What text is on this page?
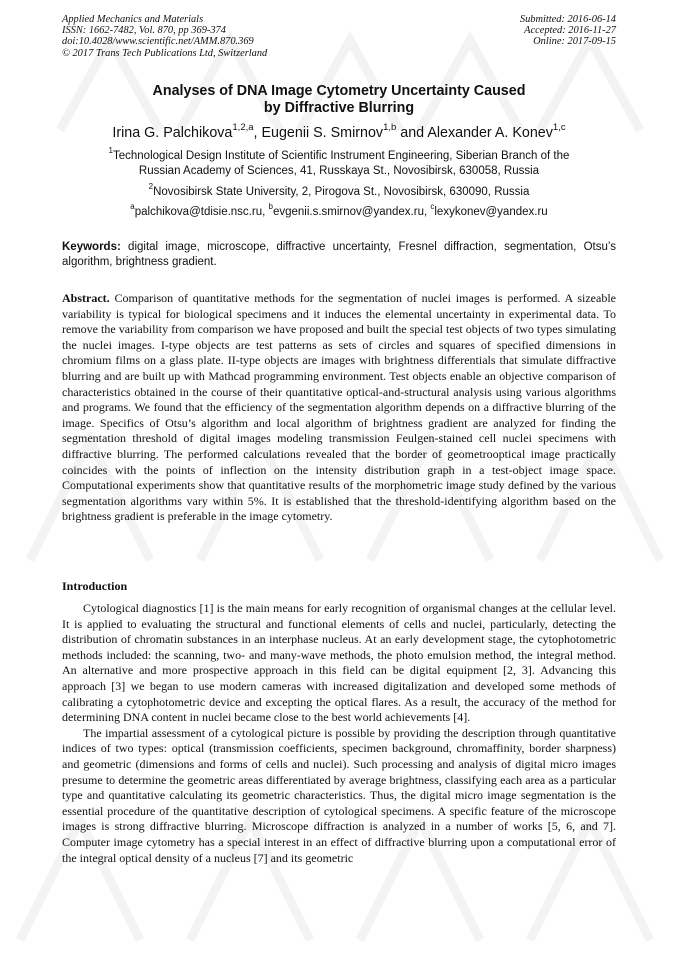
Applied Mechanics and Materials
ISSN: 1662-7482, Vol. 870, pp 369-374
doi:10.4028/www.scientific.net/AMM.870.369
© 2017 Trans Tech Publications Ltd, Switzerland
Submitted: 2016-06-14
Accepted: 2016-11-27
Online: 2017-09-15
Analyses of DNA Image Cytometry Uncertainty Caused
by Diffractive Blurring
Irina G. Palchikova$^{1,2,a}$, Eugenii S. Smirnov$^{1,b}$ and Alexander A. Konev$^{1,c}$
$^1$Technological Design Institute of Scientific Instrument Engineering, Siberian Branch of the
Russian Academy of Sciences, 41, Russkaya St., Novosibirsk, 630058, Russia
$^2$Novosibirsk State University, 2, Pirogova St., Novosibirsk, 630090, Russia
$^a$palchikova@tdisie.nsc.ru, $^b$evgenii.s.smirnov@yandex.ru, $^c$lexykonev@yandex.ru
Keywords: digital image, microscope, diffractive uncertainty, Fresnel diffraction, segmentation, Otsu’s algorithm, brightness gradient.
Abstract. Comparison of quantitative methods for the segmentation of nuclei images is performed. A sizeable variability is typical for biological specimens and it induces the elemental uncertainty in experimental data. To remove the variability from comparison we have proposed and built the special test objects of two types simulating the nuclei images. I-type objects are test patterns as sets of circles and squares of specified dimensions in chromium films on a glass plate. II-type objects are images with brightness differentials that simulate diffractive blurring and are built up with Mathcad programming environment. Test objects enable an objective comparison of characteristics obtained in the course of their quantitative optical-and-structural analysis using various algorithms and programs. We found that the efficiency of the segmentation algorithm depends on a diffractive blurring of the image. Specifics of Otsu’s algorithm and local algorithm of brightness gradient are analyzed for finding the segmentation threshold of digital images modeling transmission Feulgen-stained cell nuclei specimens with diffractive blurring. The performed calculations revealed that the border of geometrooptical image practically coincides with the points of inflection on the intensity distribution graph in a test-object image space. Computational experiments show that quantitative results of the morphometric image study defined by the various segmentation algorithms vary within 5%. It is established that the threshold-identifying algorithm based on the brightness gradient is preferable in the image cytometry.
Introduction

Cytological diagnostics [1] is the main means for early recognition of organismal changes at the cellular level. It is applied to evaluating the structural and functional elements of cells and nuclei, particularly, detecting the distribution of chromatin substances in an interphase nucleus. At an early development stage, the cytophotometric methods included: the scanning, two- and many-wave methods, the photo emulsion method, the integral method. An alternative and more prospective approach in this field can be digital equipment [2, 3]. Advancing this approach [3] we began to use modern cameras with increased digitalization and developed some methods of calibrating a cytophotometric device and excepting the optical flares. As a result, the accuracy of the method for determining DNA content in nuclei became close to the best world achievements [4].

The impartial assessment of a cytological picture is possible by providing the description through quantitative indices of two types: optical (transmission coefficients, specimen background, chromaffinity, border sharpness) and geometric (dimensions and forms of cells and nuclei). Such processing and analysis of digital micro images presume to determine the geometric areas differentiated by average brightness, classifying each area as a particular type and quantitative calculating its geometric characteristics. Thus, the digital micro image segmentation is the essential procedure of the quantitative description of cytological specimens. A specific feature of the microscope images is strong diffractive blurring. Microscope diffraction is analyzed in a number of works [5, 6, and 7]. Computer image cytometry has a special interest in an effect of diffractive blurring upon a computational error of the integral optical density of a nucleus [7] and its geometric
